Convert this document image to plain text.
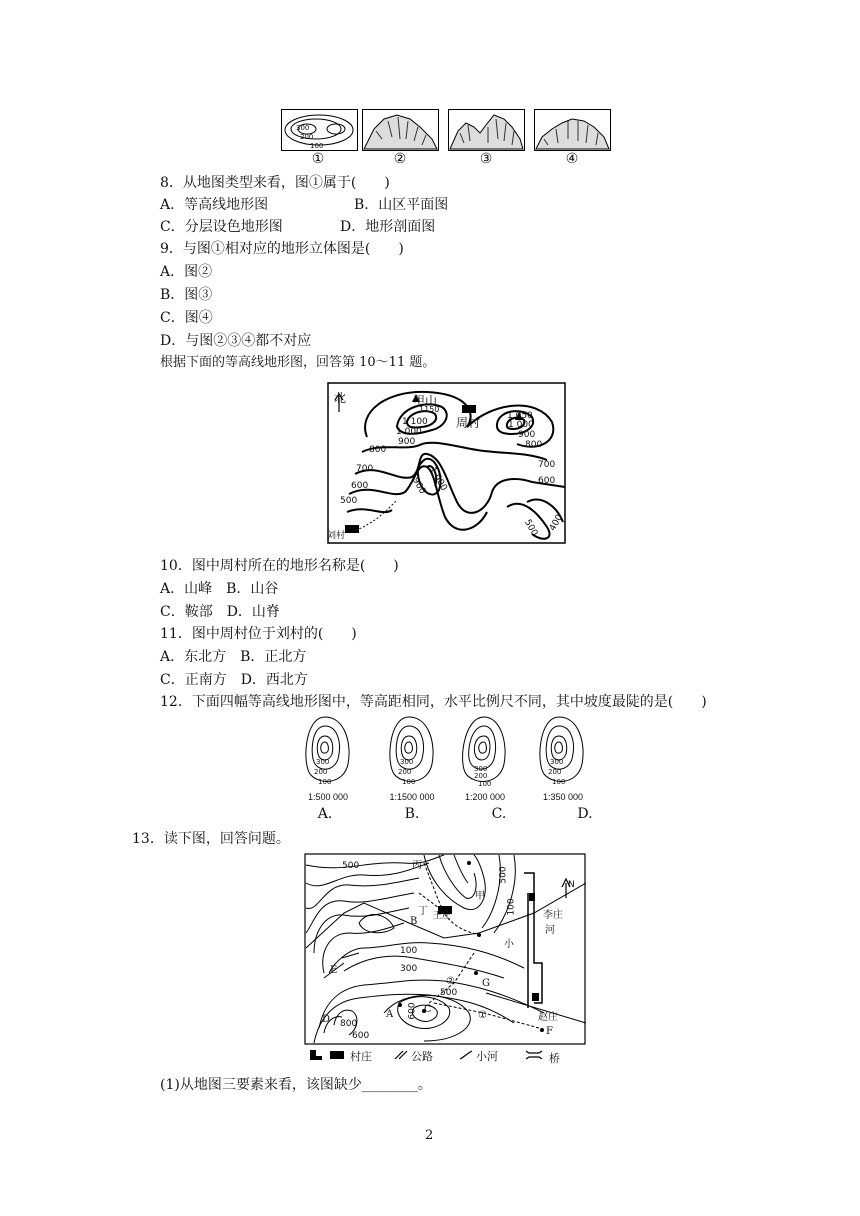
300
200
100
①	②	③	④
8．从地图类型来看，图①属于(　　)
A．等高线地形图	B．山区平面图
C．分层设色地形图	D．地形剖面图
9．与图①相对应的地形立体图是(　　)
A．图②
B．图③
C．图④
D．与图②③④都不对应
根据下面的等高线地形图，回答第 10～11 题。
北	甲山
1150
1 050
周村
刘村
1 100
1 000
900
800
700
600
500
1 000
900
1 000
900
800
700
600
400
500
10．图中周村所在的地形名称是(　　)
A．山峰　B．山谷
C．鞍部　D．山脊
11．图中周村位于刘村的(　　)
A．东北方　B．正北方
C．正南方　D．西北方
12．下面四幅等高线地形图中，等高距相同，水平比例尺不同，其中坡度最陡的是(　　)
300
200
100
300
200
100
300
200
100
300
200
100
1:500 000	1:1500 000	1:200 000	1:350 000
A.	B.	C.	D.
13．读下图，回答问题。
500	丙
甲
500
100
丁 王庄
B
李庄
河
小
N
100
300
E
G
②
500
600 C
①
A
D 800
600
赵庄
F
村庄	公路	小河	桥
(1)从地图三要素来看，该图缺少________。
2
